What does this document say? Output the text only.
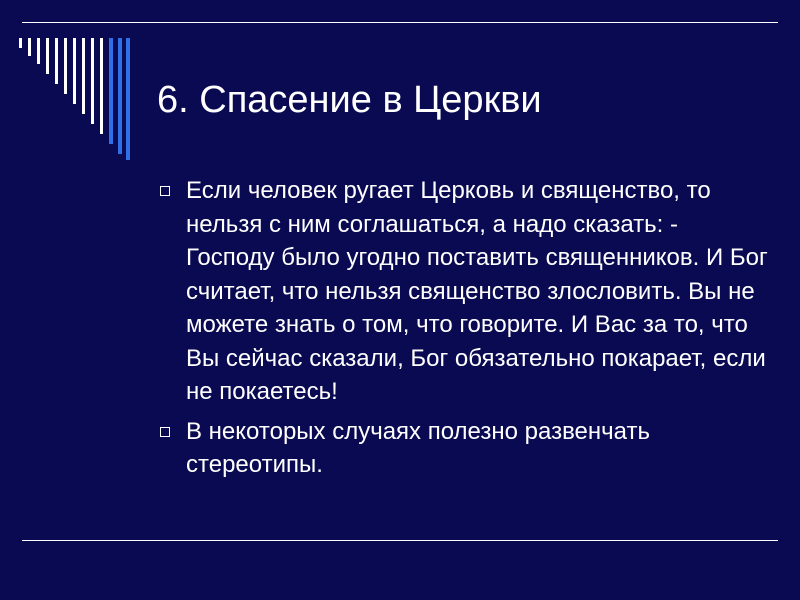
6. Спасение в Церкви
Если человек ругает Церковь и священство, то нельзя с ним соглашаться, а надо сказать: - Господу было угодно поставить священников. И Бог считает, что нельзя священство злословить. Вы не можете знать о том, что говорите. И Вас за то, что Вы сейчас сказали, Бог обязательно покарает, если не покаетесь!
В некоторых случаях полезно развенчать стереотипы.
